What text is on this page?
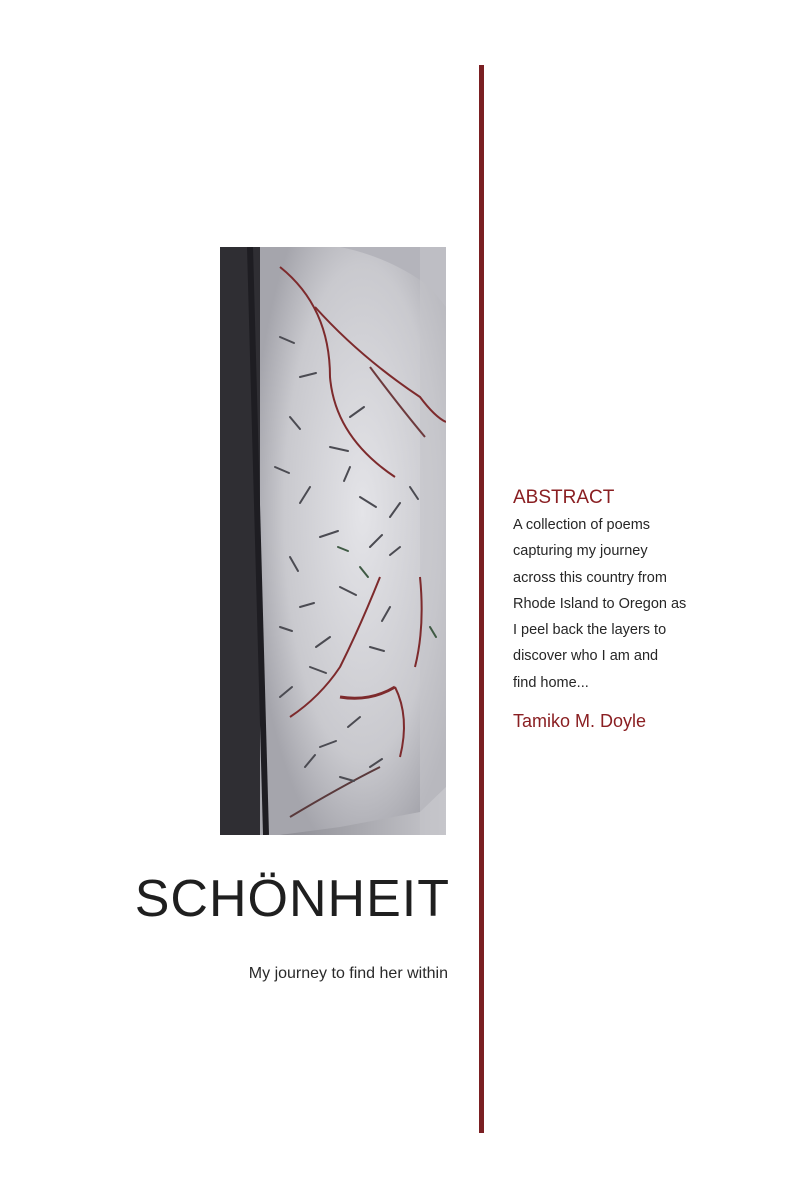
SCHÖNHEIT

My journey to find her within

ABSTRACT

A collection of poems
capturing my journey
across this country from
Rhode Island to Oregon as
I peel back the layers to
discover who I am and
find home...

Tamiko M. Doyle
